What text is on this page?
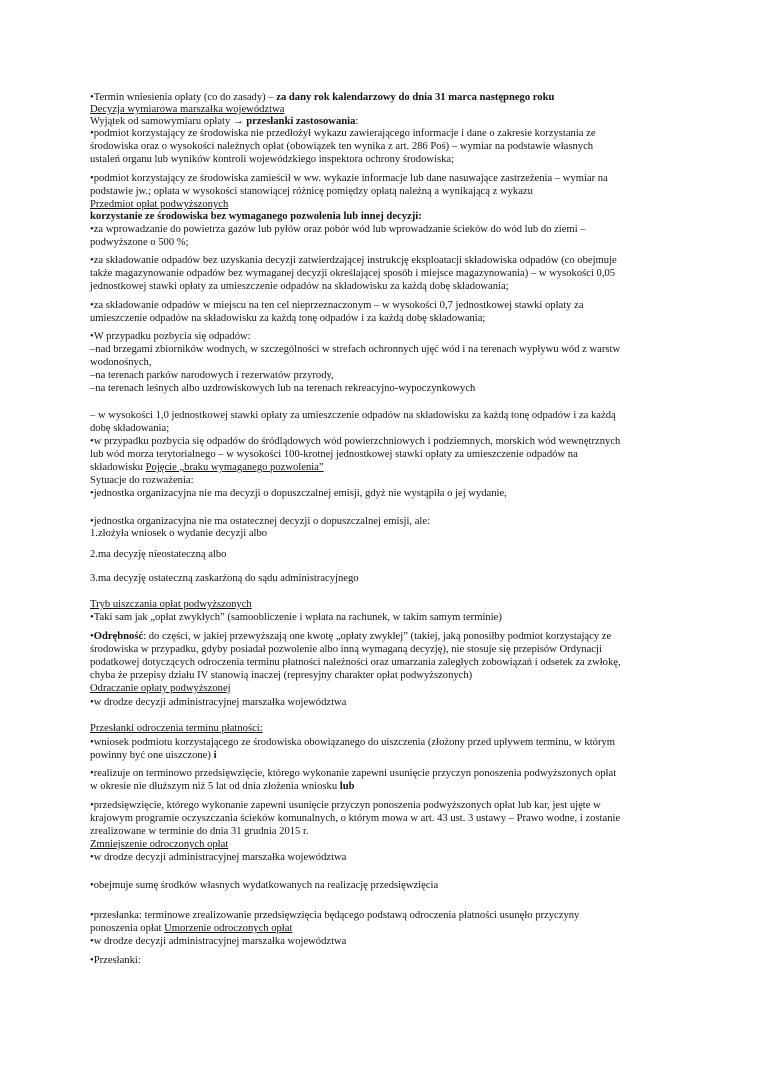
•Termin wniesienia opłaty (co do zasady) – za dany rok kalendarzowy do dnia 31 marca następnego roku
Decyzja wymiarowa marszałka województwa
Wyjątek od samowymiaru opłaty → przesłanki zastosowania:
•podmiot korzystający ze środowiska nie przedłożył wykazu zawierającego informacje i dane o zakresie korzystania ze
środowiska oraz o wysokości należnych opłat (obowiązek ten wynika z art. 286 Poś) – wymiar na podstawie własnych
ustaleń organu lub wyników kontroli wojewódzkiego inspektora ochrony środowiska;
•podmiot korzystający ze środowiska zamieścił w ww. wykazie informacje lub dane nasuwające zastrzeżenia – wymiar na
podstawie jw.; opłata w wysokości stanowiącej różnicę pomiędzy opłatą należną a wynikającą z wykazu
Przedmiot opłat podwyższonych
korzystanie ze środowiska bez wymaganego pozwolenia lub innej decyzji:
•za wprowadzanie do powietrza gazów lub pyłów oraz pobór wód lub wprowadzanie ścieków do wód lub do ziemi –
podwyższone o 500 %;
•za składowanie odpadów bez uzyskania decyzji zatwierdzającej instrukcję eksploatacji składowiska odpadów (co obejmuje
także magazynowanie odpadów bez wymaganej decyzji określającej sposób i miejsce magazynowania) – w wysokości 0,05
jednostkowej stawki opłaty za umieszczenie odpadów na składowisku za każdą dobę składowania;
•za składowanie odpadów w miejscu na ten cel nieprzeznaczonym – w wysokości 0,7 jednostkowej stawki opłaty za
umieszczenie odpadów na składowisku za każdą tonę odpadów i za każdą dobę składowania;
•W przypadku pozbycia się odpadów:
–nad brzegami zbiorników wodnych, w szczególności w strefach ochronnych ujęć wód i na terenach wypływu wód z warstw
wodonośnych,
–na terenach parków narodowych i rezerwatów przyrody,
–na terenach leśnych albo uzdrowiskowych lub na terenach rekreacyjno-wypoczynkowych
– w wysokości 1,0 jednostkowej stawki opłaty za umieszczenie odpadów na składowisku za każdą tonę odpadów i za każdą
dobę składowania;
•w przypadku pozbycia się odpadów do śródlądowych wód powierzchniowych i podziemnych, morskich wód wewnętrznych
lub wód morza terytorialnego – w wysokości 100-krotnej jednostkowej stawki opłaty za umieszczenie odpadów na
składowisku Pojęcie „braku wymaganego pozwolenia”
Sytuacje do rozważenia:
•jednostka organizacyjna nie ma decyzji o dopuszczalnej emisji, gdyż nie wystąpiła o jej wydanie,
•jednostka organizacyjna nie ma ostatecznej decyzji o dopuszczalnej emisji, ale:
1.złożyła wniosek o wydanie decyzji albo
2.ma decyzję nieostateczną albo
3.ma decyzję ostateczną zaskarżoną do sądu administracyjnego
Tryb uiszczania opłat podwyższonych
•Taki sam jak „opłat zwykłych” (samoobliczenie i wpłata na rachunek, w takim samym terminie)
•Odrębność: do części, w jakiej przewyższają one kwotę „opłaty zwykłej” (takiej, jaką ponosiłby podmiot korzystający ze
środowiska w przypadku, gdyby posiadał pozwolenie albo inną wymaganą decyzję), nie stosuje się przepisów Ordynacji
podatkowej dotyczących odroczenia terminu płatności należności oraz umarzania zaległych zobowiązań i odsetek za zwłokę,
chyba że przepisy działu IV stanowią inaczej (represyjny charakter opłat podwyższonych)
Odraczanie opłaty podwyższonej
•w drodze decyzji administracyjnej marszałka województwa
Przesłanki odroczenia terminu płatności:
•wniosek podmiotu korzystającego ze środowiska obowiązanego do uiszczenia (złożony przed upływem terminu, w którym
powinny być one uiszczone) i
•realizuje on terminowo przedsięwzięcie, którego wykonanie zapewni usunięcie przyczyn ponoszenia podwyższonych opłat
w okresie nie dłuższym niż 5 lat od dnia złożenia wniosku lub
•przedsięwzięcie, którego wykonanie zapewni usunięcie przyczyn ponoszenia podwyższonych opłat lub kar, jest ujęte w
krajowym programie oczyszczania ścieków komunalnych, o którym mowa w art. 43 ust. 3 ustawy – Prawo wodne, i zostanie
zrealizowane w terminie do dnia 31 grudnia 2015 r.
Zmniejszenie odroczonych opłat
•w drodze decyzji administracyjnej marszałka województwa
•obejmuje sumę środków własnych wydatkowanych na realizację przedsięwzięcia
•przesłanka: terminowe zrealizowanie przedsięwzięcia będącego podstawą odroczenia płatności usunęło przyczyny
ponoszenia opłat Umorzenie odroczonych opłat
•w drodze decyzji administracyjnej marszałka województwa
•Przesłanki:
